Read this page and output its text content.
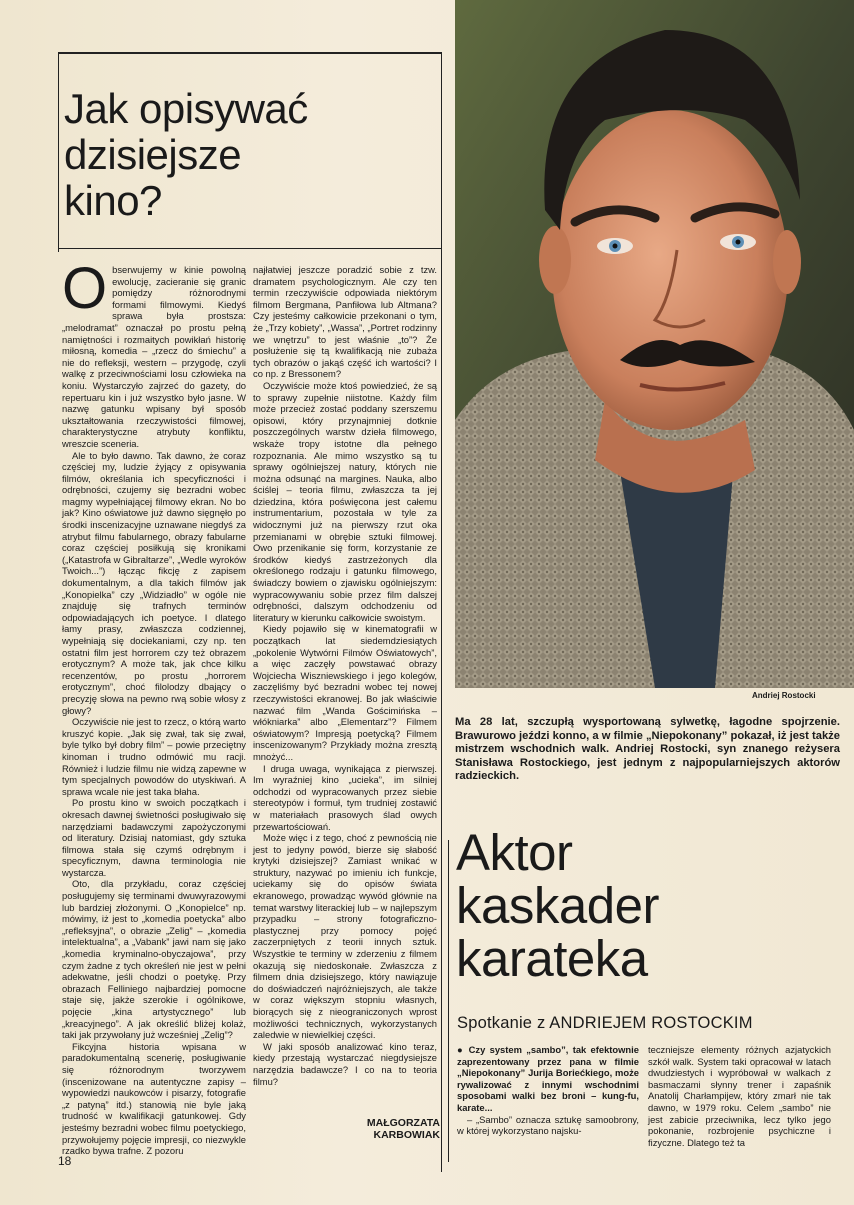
Jak opisywać
dzisiejsze
kino?

Obserwujemy w kinie powolną ewolucję, zacieranie się granic pomiędzy różnorodnymi formami filmowymi. Kiedyś sprawa była prostsza: „melodramat” oznaczał po prostu pełną namiętności i rozmaitych powikłań historię miłosną, komedia – „rzecz do śmiechu” a nie do refleksji, western – przygodę, czyli walkę z przeciwnościami losu człowieka na koniu. Wystarczyło zajrzeć do gazety, do repertuaru kin i już wszystko było jasne. W nazwę gatunku wpisany był sposób ukształtowania rzeczywistości filmowej, charakterystyczne atrybuty konfliktu, wreszcie sceneria.

Ale to było dawno. Tak dawno, że coraz częściej my, ludzie żyjący z opisywania filmów, określania ich specyficzności i odrębności, czujemy się bezradni wobec magmy wypełniającej filmowy ekran. No bo jak? Kino oświatowe już dawno sięgnęło po środki inscenizacyjne uznawane niegdyś za atrybut filmu fabularnego, obrazy fabularne coraz częściej posiłkują się kronikami („Katastrofa w Gibraltarze”, „Wedle wyroków Twoich...”) łącząc fikcję z zapisem dokumentalnym, a dla takich filmów jak „Konopielka” czy „Widziadło” w ogóle nie znajduję się trafnych terminów odpowiadających ich poetyce. I dlatego łamy prasy, zwłaszcza codziennej, wypełniają się dociekaniami, czy np. ten ostatni film jest horrorem czy też obrazem erotycznym? A może tak, jak chce kilku recenzentów, po prostu „horrorem erotycznym”, choć filolodzy dbający o precyzję słowa na pewno rwą sobie włosy z głowy?

Oczywiście nie jest to rzecz, o którą warto kruszyć kopie. „Jak się zwał, tak się zwał, byle tylko był dobry film” – powie przeciętny kinoman i trudno odmówić mu racji. Również i ludzie filmu nie widzą zapewne w tym specjalnych powodów do utyskiwań. A sprawa wcale nie jest taka błaha.

Po prostu kino w swoich początkach i okresach dawnej świetności posługiwało się narzędziami badawczymi zapożyczonymi od literatury. Dzisiaj natomiast, gdy sztuka filmowa stała się czymś odrębnym i specyficznym, dawna terminologia nie wystarcza.

Oto, dla przykładu, coraz częściej posługujemy się terminami dwuwyrazowymi lub bardziej złożonymi. O „Konopielce” np. mówimy, iż jest to „komedia poetycka” albo „refleksyjna”, o obrazie „Zelig” – „komedia intelektualna”, a „Vabank” jawi nam się jako „komedia kryminalno-obyczajowa”, przy czym żadne z tych określeń nie jest w pełni adekwatne, jeśli chodzi o poetykę. Przy obrazach Felliniego najbardziej pomocne staje się, jakże szerokie i ogólnikowe, pojęcie „kina artystycznego” lub „kreacyjnego”. A jak określić bliżej kolaż, taki jak przywołany już wcześniej „Zelig”?

Fikcyjna historia wpisana w paradokumentalną scenerię, posługiwanie się różnorodnym tworzywem (inscenizowane na autentyczne zapisy – wypowiedzi naukowców i pisarzy, fotografie „z patyną” itd.) stanowią nie byle jaką trudność w kwalifikacji gatunkowej. Gdy jesteśmy bezradni wobec filmu poetyckiego, przywołujemy pojęcie impresji, co niezwykle rzadko bywa trafne. Z pozoru

najłatwiej jeszcze poradzić sobie z tzw. dramatem psychologicznym. Ale czy ten termin rzeczywiście odpowiada niektórym filmom Bergmana, Panfiłowa lub Altmana? Czy jesteśmy całkowicie przekonani o tym, że „Trzy kobiety”, „Wassa”, „Portret rodzinny we wnętrzu” to jest właśnie „to”? Że posłużenie się tą kwalifikacją nie zubaża tych obrazów o jakąś część ich wartości? I co np. z Bressonem?

Oczywiście może ktoś powiedzieć, że są to sprawy zupełnie niistotne. Każdy film może przecież zostać poddany szerszemu opisowi, który przynajmniej dotknie poszczególnych warstw dzieła filmowego, wskaże tropy istotne dla pełnego rozpoznania. Ale mimo wszystko są tu sprawy ogólniejszej natury, których nie można odsunąć na margines. Nauka, albo ściślej – teoria filmu, zwłaszcza ta jej dziedzina, która poświęcona jest całemu instrumentarium, pozostała w tyle za widocznymi już na pierwszy rzut oka przemianami w obrębie sztuki filmowej. Owo przenikanie się form, korzystanie ze środków kiedyś zastrzeżonych dla określonego rodzaju i gatunku filmowego, świadczy bowiem o zjawisku ogólniejszym: wypracowywaniu sobie przez film dalszej odrębności, dalszym odchodzeniu od literatury w kierunku całkowicie swoistym.

Kiedy pojawiło się w kinematografii w początkach lat siedemdziesiątych „pokolenie Wytwórni Filmów Oświatowych”, a więc zaczęły powstawać obrazy Wojciecha Wiszniewskiego i jego kolegów, zaczęliśmy być bezradni wobec tej nowej rzeczywistości ekranowej. Bo jak właściwie nazwać film „Wanda Gościmińska – włókniarka” albo „Elementarz”? Filmem oświatowym? Impresją poetycką? Filmem inscenizowanym? Przykłady można zresztą mnożyć...

I druga uwaga, wynikająca z pierwszej. Im wyraźniej kino „ucieka”, im silniej odchodzi od wypracowanych przez siebie stereotypów i formuł, tym trudniej zostawić w materiałach prasowych ślad owych przewartościowań.

Może więc i z tego, choć z pewnością nie jest to jedyny powód, bierze się słabość krytyki dzisiejszej? Zamiast wnikać w struktury, nazywać po imieniu ich funkcje, uciekamy się do opisów świata ekranowego, prowadząc wywód głównie na temat warstwy literackiej lub – w najlepszym przypadku – strony fotograficzno-plastycznej przy pomocy pojęć zaczerpniętych z teorii innych sztuk. Wszystkie te terminy w zderzeniu z filmem okazują się niedoskonałe. Zwłaszcza z filmem dnia dzisiejszego, który nawiązuje do doświadczeń najróżniejszych, ale także w coraz większym stopniu własnych, biorących się z nieograniczonych wprost możliwości technicznych, wykorzystanych zaledwie w niewielkiej części.

W jaki sposób analizować kino teraz, kiedy przestają wystarczać niegdysiejsze narzędzia badawcze? I co na to teoria filmu?

MAŁGORZATA
KARBOWIAK
18
Andriej Rostocki
Ma 28 lat, szczupłą wysportowaną sylwetkę, łagodne spojrzenie. Brawurowo jeździ konno, a w filmie „Niepokonany” pokazał, iż jest także mistrzem wschodnich walk. Andriej Rostocki, syn znanego reżysera Stanisława Rostockiego, jest jednym z najpopularniejszych aktorów radzieckich.
Aktor
kaskader
karateka
Spotkanie z ANDRIEJEM ROSTOCKIM

● Czy system „sambo”, tak efektownie zaprezentowany przez pana w filmie „Niepokonany” Jurija Boriećkiego, może rywalizować z innymi wschodnimi sposobami walki bez broni – kung-fu, karate...

– „Sambo” oznacza sztukę samoobrony, w której wykorzystano najsku-

teczniejsze elementy różnych azjatyckich szkół walk. System taki opracował w latach dwudziestych i wypróbował w walkach z basmaczami słynny trener i zapaśnik Anatolij Charłampijew, który zmarł nie tak dawno, w 1979 roku. Celem „sambo” nie jest zabicie przeciwnika, lecz tylko jego pokonanie, rozbrojenie psychiczne i fizyczne. Dlatego też ta
